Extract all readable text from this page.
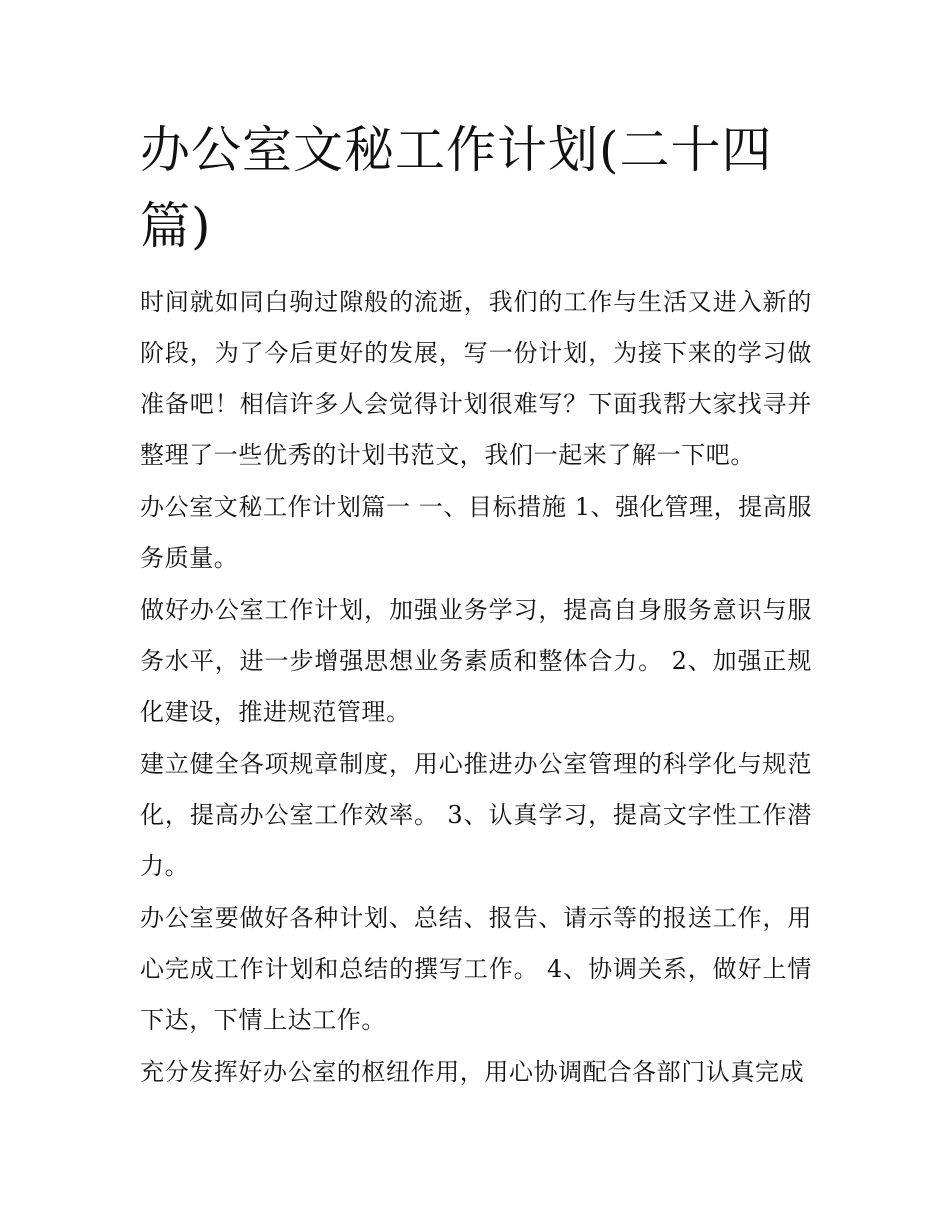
办公室文秘工作计划(二十四篇)

时间就如同白驹过隙般的流逝，我们的工作与生活又进入新的阶段，为了今后更好的发展，写一份计划，为接下来的学习做准备吧！相信许多人会觉得计划很难写？下面我帮大家找寻并整理了一些优秀的计划书范文，我们一起来了解一下吧。

办公室文秘工作计划篇一 一、目标措施 1、强化管理，提高服务质量。

做好办公室工作计划，加强业务学习，提高自身服务意识与服务水平，进一步增强思想业务素质和整体合力。 2、加强正规化建设，推进规范管理。

建立健全各项规章制度，用心推进办公室管理的科学化与规范化，提高办公室工作效率。 3、认真学习，提高文字性工作潜力。

办公室要做好各种计划、总结、报告、请示等的报送工作，用心完成工作计划和总结的撰写工作。 4、协调关系，做好上情下达，下情上达工作。

充分发挥好办公室的枢纽作用，用心协调配合各部门认真完成
